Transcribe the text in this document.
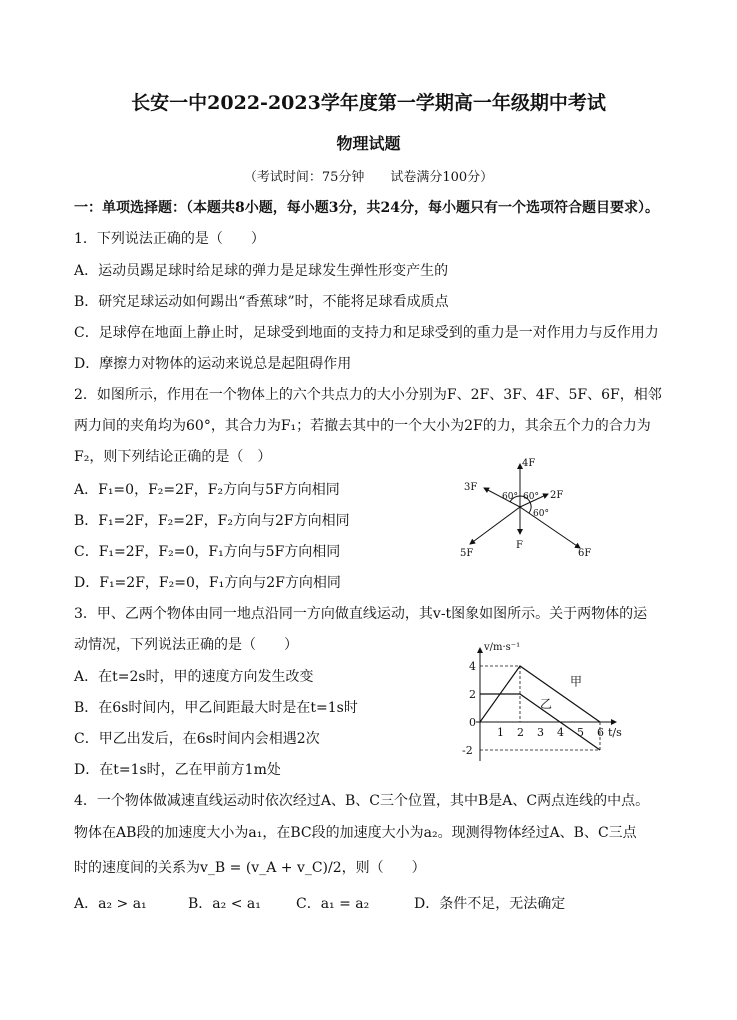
长安一中2022-2023学年度第一学期高一年级期中考试
物理试题
（考试时间：75分钟　　试卷满分100分）
一：单项选择题：（本题共8小题，每小题3分，共24分，每小题只有一个选项符合题目要求）。
1．下列说法正确的是（　　）
A．运动员踢足球时给足球的弹力是足球发生弹性形变产生的
B．研究足球运动如何踢出“香蕉球”时，不能将足球看成质点
C．足球停在地面上静止时，足球受到地面的支持力和足球受到的重力是一对作用力与反作用力
D．摩擦力对物体的运动来说总是起阻碍作用
2．如图所示，作用在一个物体上的六个共点力的大小分别为F、2F、3F、4F、5F、6F，相邻
两力间的夹角均为60°，其合力为F₁；若撤去其中的一个大小为2F的力，其余五个力的合力为
F₂，则下列结论正确的是（　）
A．F₁=0，F₂=2F，F₂方向与5F方向相同
B．F₁=2F，F₂=2F，F₂方向与2F方向相同
C．F₁=2F，F₂=0，F₁方向与5F方向相同
D．F₁=2F，F₂=0，F₁方向与2F方向相同
4F
3F
2F
5F
F
6F
60° 60°
60°
3．甲、乙两个物体由同一地点沿同一方向做直线运动，其v-t图象如图所示。关于两物体的运
动情况，下列说法正确的是（　　）
A．在t=2s时，甲的速度方向发生改变
B．在6s时间内，甲乙间距最大时是在t=1s时
C．甲乙出发后，在6s时间内会相遇2次
D．在t=1s时，乙在甲前方1m处
1 2 3 4 5 6
4
2
0
-2
v/m·s⁻¹
t/s
甲
乙
4．一个物体做减速直线运动时依次经过A、B、C三个位置，其中B是A、C两点连线的中点。
物体在AB段的加速度大小为a₁，在BC段的加速度大小为a₂。现测得物体经过A、B、C三点
时的速度间的关系为v_B = (v_A + v_C)/2，则（　　）
A．a₂ > a₁	B．a₂ < a₁	C．a₁ = a₂	D．条件不足，无法确定
